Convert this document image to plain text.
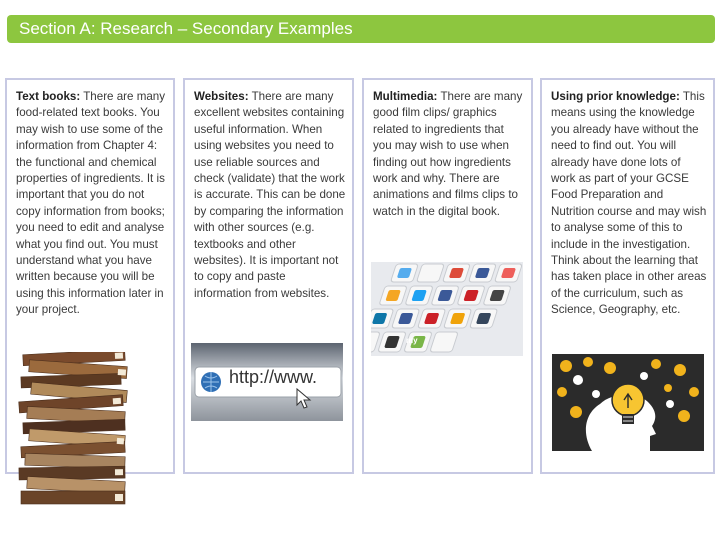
Section A: Research – Secondary Examples
Text books: There are many food-related text books. You may wish to use some of the information from Chapter 4: the functional and chemical properties of ingredients. It is important that you do not copy information from books; you need to edit and analyse what you find out. You must understand what you have written because you will be using this information later in your project.
Websites: There are many excellent websites containing useful information. When using websites you need to use reliable sources and check (validate) that the work is accurate. This can be done by comparing the information with other sources (e.g. textbooks and other websites). It is important not to copy and paste information from websites.
Multimedia: There are many good film clips/ graphics related to ingredients that you may wish to use when finding out how ingredients work and why. There are animations and films clips to watch in the digital book.
Using prior knowledge: This means using the knowledge you already have without the need to find out. You will already have done lots of work as part of your GCSE Food Preparation and Nutrition course and may wish to analyse some of this to include in the investigation. Think about the learning that has taken place in other areas of the curriculum, such as Science, Geography, etc.
http://www.
my
